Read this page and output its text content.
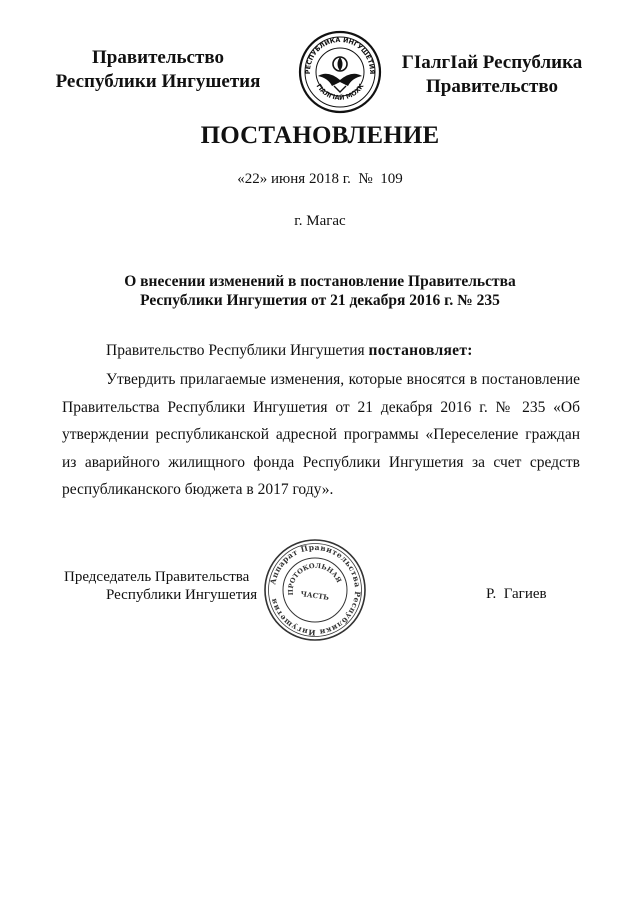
Правительство
Республики Ингушетия	РЕСПУБЛИКА ИНГУШЕТИЯ
ГIАЛГIАЙ МОХК
ГIалгIай Республика
Правительство
ПОСТАНОВЛЕНИЕ
«22» июня 2018 г.  №  109
г. Магас
О внесении изменений в постановление Правительства
Республики Ингушетия от 21 декабря 2016 г. № 235
Правительство Республики Ингушетия постановляет:

Утвердить прилагаемые изменения, которые вносятся в постановление Правительства Республики Ингушетия от 21 декабря 2016 г. № 235 «Об утверждении республиканской адресной программы «Переселение граждан из аварийного жилищного фонда Республики Ингушетия за счет средств республиканского бюджета в 2017 году».

Председатель Правительства
Республики Ингушетия
Аппарат Правительства Республики Ингушетия
ПРОТОКОЛЬНАЯ
ЧАСТЬ	Р.  Гагиев
